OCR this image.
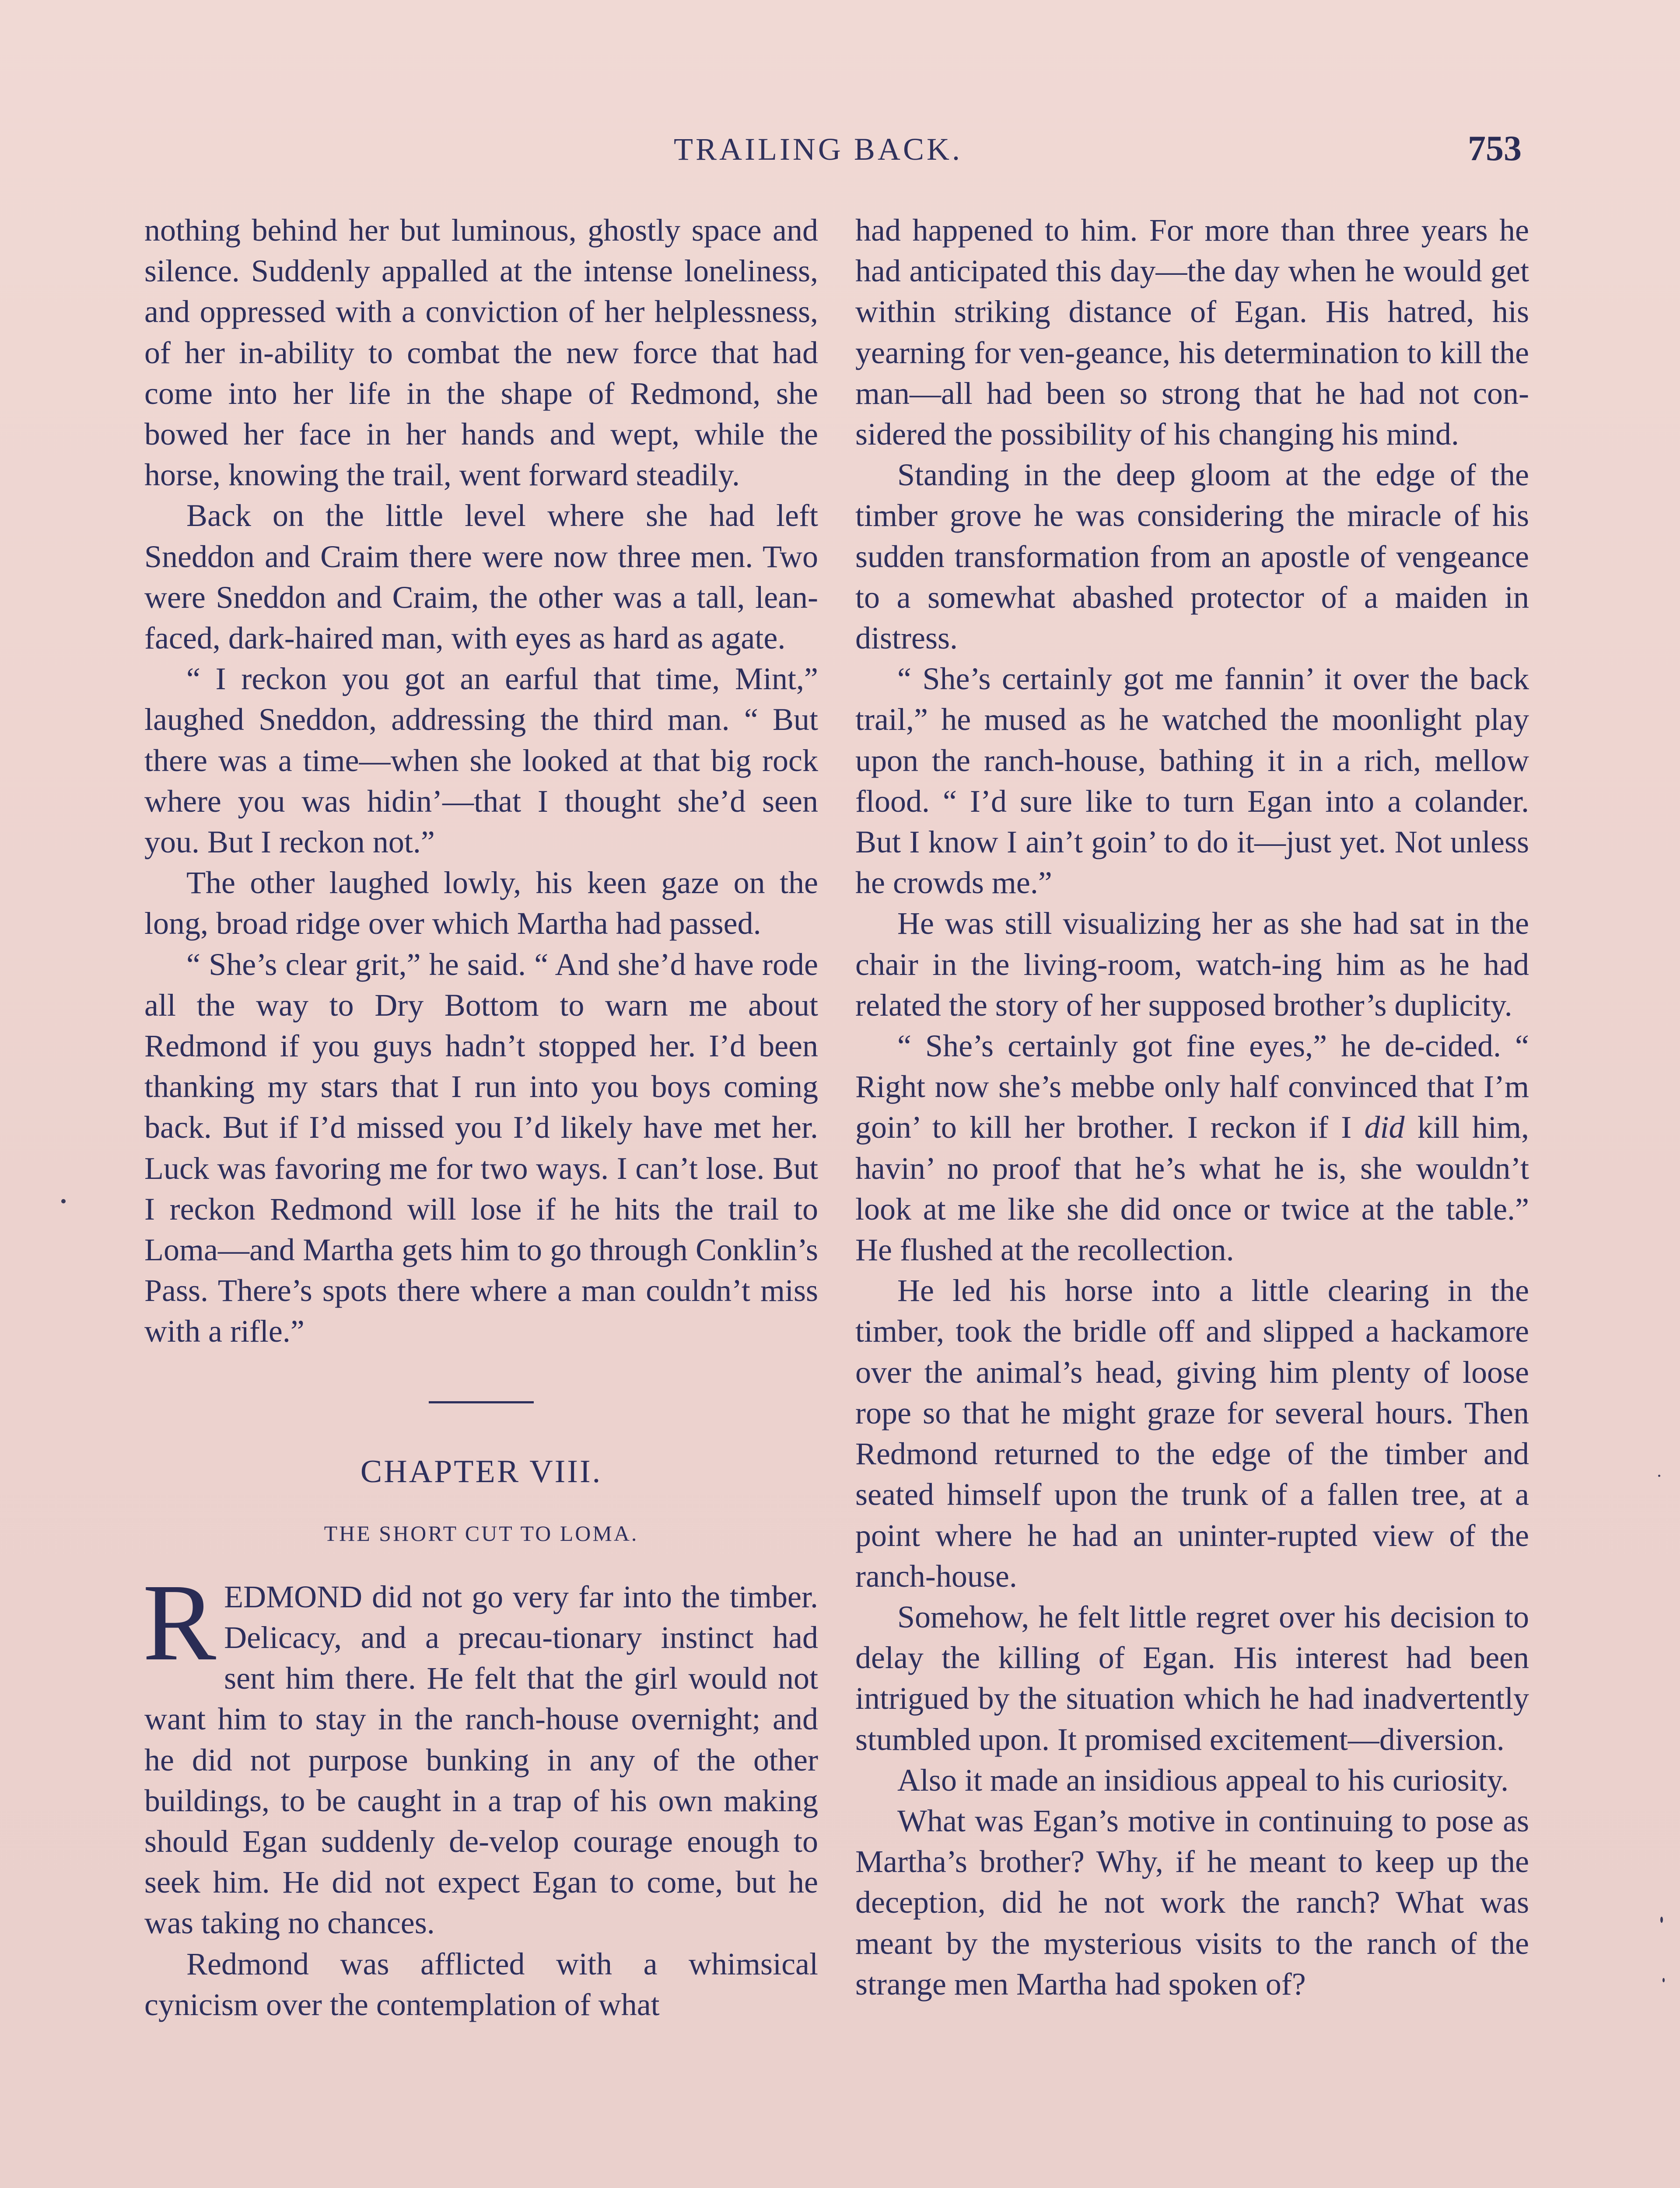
TRAILING BACK.	753

nothing behind her but luminous, ghostly space and silence. Suddenly appalled at the intense loneliness, and oppressed with a conviction of her helplessness, of her in-ability to combat the new force that had come into her life in the shape of Redmond, she bowed her face in her hands and wept, while the horse, knowing the trail, went forward steadily.

Back on the little level where she had left Sneddon and Craim there were now three men. Two were Sneddon and Craim, the other was a tall, lean-faced, dark-haired man, with eyes as hard as agate.

“ I reckon you got an earful that time, Mint,” laughed Sneddon, addressing the third man. “ But there was a time—when she looked at that big rock where you was hidin’—that I thought she’d seen you. But I reckon not.”

The other laughed lowly, his keen gaze on the long, broad ridge over which Martha had passed.

“ She’s clear grit,” he said. “ And she’d have rode all the way to Dry Bottom to warn me about Redmond if you guys hadn’t stopped her. I’d been thanking my stars that I run into you boys coming back. But if I’d missed you I’d likely have met her. Luck was favoring me for two ways. I can’t lose. But I reckon Redmond will lose if he hits the trail to Loma—and Martha gets him to go through Conklin’s Pass. There’s spots there where a man couldn’t miss with a rifle.”

CHAPTER VIII.
THE SHORT CUT TO LOMA.

REDMOND did not go very far into the timber. Delicacy, and a precau-tionary instinct had sent him there. He felt that the girl would not want him to stay in the ranch-house overnight; and he did not purpose bunking in any of the other buildings, to be caught in a trap of his own making should Egan suddenly de-velop courage enough to seek him. He did not expect Egan to come, but he was taking no chances.

Redmond was afflicted with a whimsical cynicism over the contemplation of what

had happened to him. For more than three years he had anticipated this day—the day when he would get within striking distance of Egan. His hatred, his yearning for ven-geance, his determination to kill the man—all had been so strong that he had not con-sidered the possibility of his changing his mind.

Standing in the deep gloom at the edge of the timber grove he was considering the miracle of his sudden transformation from an apostle of vengeance to a somewhat abashed protector of a maiden in distress.

“ She’s certainly got me fannin’ it over the back trail,” he mused as he watched the moonlight play upon the ranch-house, bathing it in a rich, mellow flood. “ I’d sure like to turn Egan into a colander. But I know I ain’t goin’ to do it—just yet. Not unless he crowds me.”

He was still visualizing her as she had sat in the chair in the living-room, watch-ing him as he had related the story of her supposed brother’s duplicity.

“ She’s certainly got fine eyes,” he de-cided. “ Right now she’s mebbe only half convinced that I’m goin’ to kill her brother. I reckon if I did kill him, havin’ no proof that he’s what he is, she wouldn’t look at me like she did once or twice at the table.” He flushed at the recollection.

He led his horse into a little clearing in the timber, took the bridle off and slipped a hackamore over the animal’s head, giving him plenty of loose rope so that he might graze for several hours. Then Redmond returned to the edge of the timber and seated himself upon the trunk of a fallen tree, at a point where he had an uninter-rupted view of the ranch-house.

Somehow, he felt little regret over his decision to delay the killing of Egan. His interest had been intrigued by the situation which he had inadvertently stumbled upon. It promised excitement—diversion.

Also it made an insidious appeal to his curiosity.

What was Egan’s motive in continuing to pose as Martha’s brother? Why, if he meant to keep up the deception, did he not work the ranch? What was meant by the mysterious visits to the ranch of the strange men Martha had spoken of?
